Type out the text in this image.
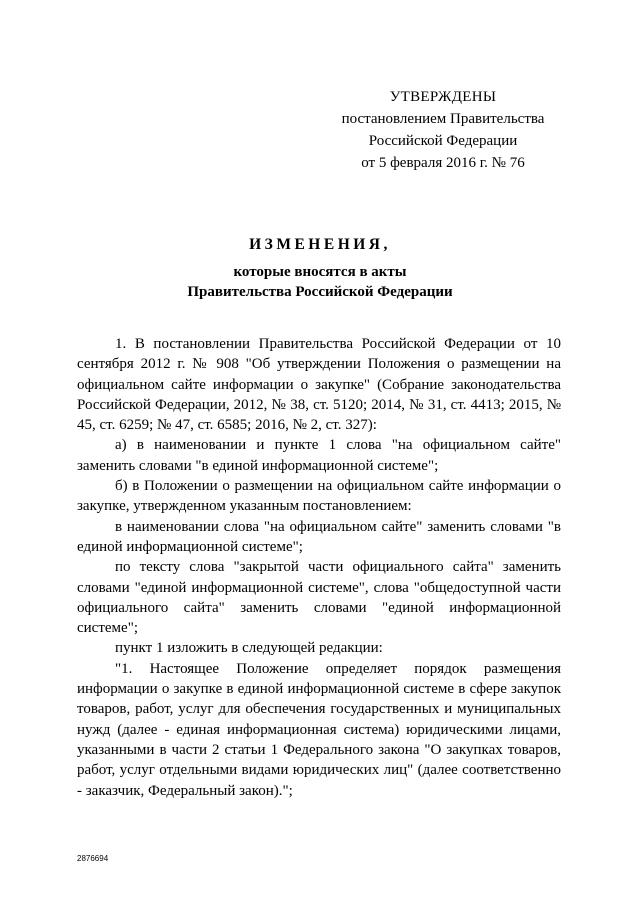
УТВЕРЖДЕНЫ
постановлением Правительства
Российской Федерации
от 5 февраля 2016 г. № 76
ИЗМЕНЕНИЯ,
которые вносятся в акты
Правительства Российской Федерации

1. В постановлении Правительства Российской Федерации от 10 сентября 2012 г. № 908 "Об утверждении Положения о размещении на официальном сайте информации о закупке" (Собрание законодательства Российской Федерации, 2012, № 38, ст. 5120; 2014, № 31, ст. 4413; 2015, № 45, ст. 6259; № 47, ст. 6585; 2016, № 2, ст. 327):

а) в наименовании и пункте 1 слова "на официальном сайте" заменить словами "в единой информационной системе";

б) в Положении о размещении на официальном сайте информации о закупке, утвержденном указанным постановлением:

в наименовании слова "на официальном сайте" заменить словами "в единой информационной системе";

по тексту слова "закрытой части официального сайта" заменить словами "единой информационной системе", слова "общедоступной части официального сайта" заменить словами "единой информационной системе";

пункт 1 изложить в следующей редакции:

"1. Настоящее Положение определяет порядок размещения информации о закупке в единой информационной системе в сфере закупок товаров, работ, услуг для обеспечения государственных и муниципальных нужд (далее - единая информационная система) юридическими лицами, указанными в части 2 статьи 1 Федерального закона "О закупках товаров, работ, услуг отдельными видами юридических лиц" (далее соответственно - заказчик, Федеральный закон).";

2876694
